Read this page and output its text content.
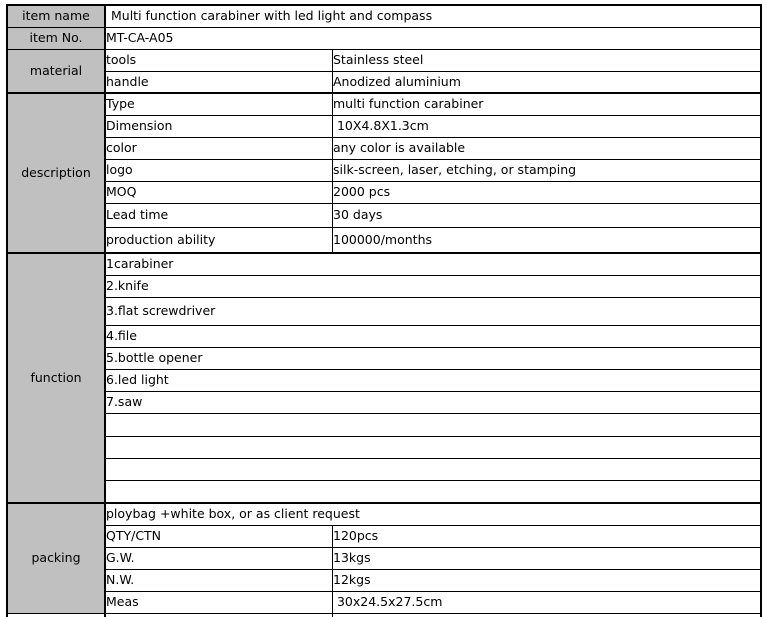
item name	Multi function carabiner with led light and compass
item No.	MT-CA-A05
material
tools	Stainless steel
handle	Anodized aluminium
description
Type	multi function carabiner
Dimension	10X4.8X1.3cm
color	any color is available
logo	silk-screen, laser, etching, or stamping
MOQ	2000 pcs
Lead time	30 days
production ability	100000/months
function
1carabiner
2.knife
3.flat screwdriver
4.file
5.bottle opener
6.led light
7.saw
packing
ploybag +white box, or as client request
QTY/CTN	120pcs
G.W.	13kgs
N.W.	12kgs
Meas	30x24.5x27.5cm
